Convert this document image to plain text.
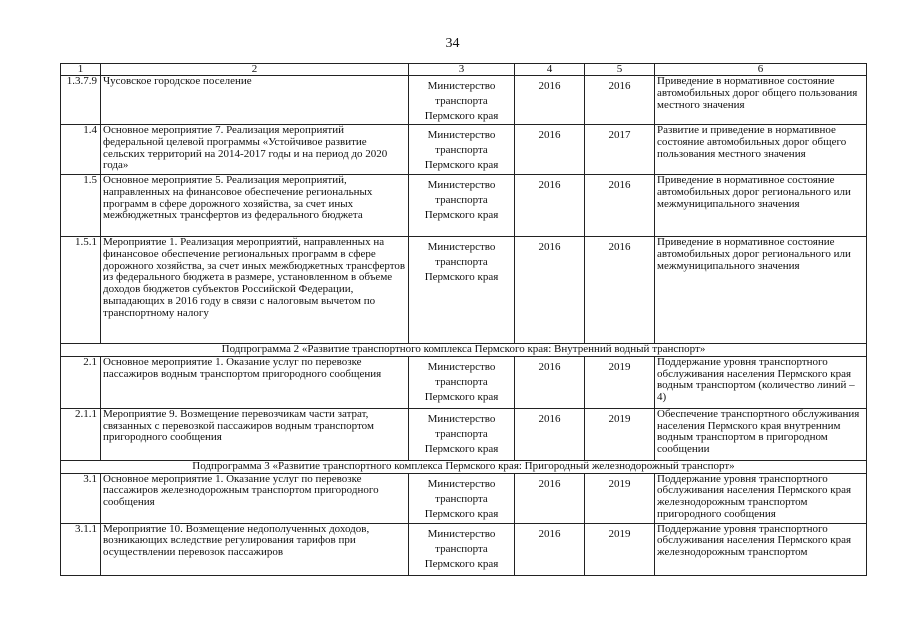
34
1	2	3	4	5	6
1.3.7.9	Чусовское городское поселение	Министерство транспорта Пермского края	2016	2016	Приведение в нормативное состояние автомобильных дорог общего пользования местного значения
1.4	Основное мероприятие 7. Реализация мероприятий федеральной целевой программы «Устойчивое развитие сельских территорий на 2014-2017 годы и на период до 2020 года»	Министерство транспорта Пермского края	2016	2017	Развитие и приведение в нормативное состояние автомобильных дорог общего пользования местного значения
1.5	Основное мероприятие 5. Реализация мероприятий, направленных на финансовое обеспечение региональных программ в сфере дорожного хозяйства, за счет иных межбюджетных трансфертов из федерального бюджета	Министерство транспорта Пермского края	2016	2016	Приведение в нормативное состояние автомобильных дорог регионального или межмуниципального значения
1.5.1	Мероприятие 1. Реализация мероприятий, направленных на финансовое обеспечение региональных программ в сфере дорожного хозяйства, за счет иных межбюджетных трансфертов из федерального бюджета в размере, установленном в объеме доходов бюджетов субъектов Российской Федерации, выпадающих в 2016 году в связи с налоговым вычетом по транспортному налогу	Министерство транспорта Пермского края	2016	2016	Приведение в нормативное состояние автомобильных дорог регионального или межмуниципального значения
Подпрограмма 2 «Развитие транспортного комплекса Пермского края: Внутренний водный транспорт»					
2.1	Основное мероприятие 1. Оказание услуг по перевозке пассажиров водным транспортом пригородного сообщения	Министерство транспорта Пермского края	2016	2019	Поддержание уровня транспортного обслуживания населения Пермского края водным транспортом (количество линий – 4)
2.1.1	Мероприятие 9. Возмещение перевозчикам части затрат, связанных с перевозкой пассажиров водным транспортом пригородного сообщения	Министерство транспорта Пермского края	2016	2019	Обеспечение транспортного обслуживания населения Пермского края внутренним водным транспортом в пригородном сообщении
Подпрограмма 3 «Развитие транспортного комплекса Пермского края: Пригородный железнодорожный транспорт»					
3.1	Основное мероприятие 1. Оказание услуг по перевозке пассажиров железнодорожным транспортом пригородного сообщения	Министерство транспорта Пермского края	2016	2019	Поддержание уровня транспортного обслуживания населения Пермского края железнодорожным транспортом пригородного сообщения
3.1.1	Мероприятие 10. Возмещение недополученных доходов, возникающих вследствие регулирования тарифов при осуществлении перевозок пассажиров	Министерство транспорта Пермского края	2016	2019	Поддержание уровня транспортного обслуживания населения Пермского края железнодорожным транспортом
